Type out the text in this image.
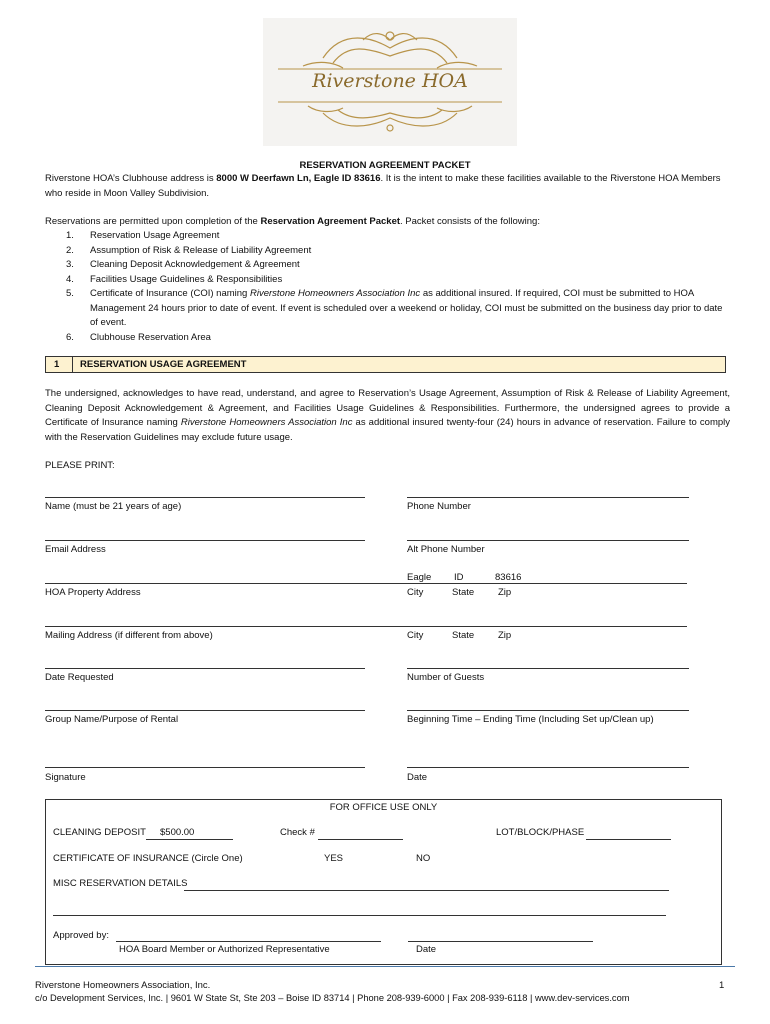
Riverstone HOA
RESERVATION AGREEMENT PACKET
Riverstone HOA’s Clubhouse address is 8000 W Deerfawn Ln, Eagle ID 83616. It is the intent to make these facilities available to the Riverstone HOA Members who reside in Moon Valley Subdivision.
Reservations are permitted upon completion of the Reservation Agreement Packet. Packet consists of the following:
1. Reservation Usage Agreement
2. Assumption of Risk & Release of Liability Agreement
3. Cleaning Deposit Acknowledgement & Agreement
4. Facilities Usage Guidelines & Responsibilities
5. Certificate of Insurance (COI) naming Riverstone Homeowners Association Inc as additional insured. If required, COI must be submitted to HOA Management 24 hours prior to date of event. If event is scheduled over a weekend or holiday, COI must be submitted on the business day prior to date of event.
6. Clubhouse Reservation Area
1 RESERVATION USAGE AGREEMENT
The undersigned, acknowledges to have read, understand, and agree to Reservation’s Usage Agreement, Assumption of Risk & Release of Liability Agreement, Cleaning Deposit Acknowledgement & Agreement, and Facilities Usage Guidelines & Responsibilities. Furthermore, the undersigned agrees to provide a Certificate of Insurance naming Riverstone Homeowners Association Inc as additional insured twenty-four (24) hours in advance of reservation. Failure to comply with the Reservation Guidelines may exclude future usage.
PLEASE PRINT:
Name (must be 21 years of age)	Phone Number
Email Address	Alt Phone Number
HOA Property Address
Eagle ID	83616
City	State	Zip
Mailing Address (if different from above)	City	State	Zip
Date Requested	Number of Guests
Group Name/Purpose of Rental	Beginning Time – Ending Time (Including Set up/Clean up)
Signature	Date
FOR OFFICE USE ONLY
CLEANING DEPOSIT $500.00	Check #	LOT/BLOCK/PHASE
CERTIFICATE OF INSURANCE (Circle One)	YES	NO
MISC RESERVATION DETAILS
Approved by:
HOA Board Member or Authorized Representative	Date
Riverstone Homeowners Association, Inc.	1
c/o Development Services, Inc. | 9601 W State St, Ste 203 – Boise ID 83714 | Phone 208-939-6000 | Fax 208-939-6118 | www.dev-services.com
